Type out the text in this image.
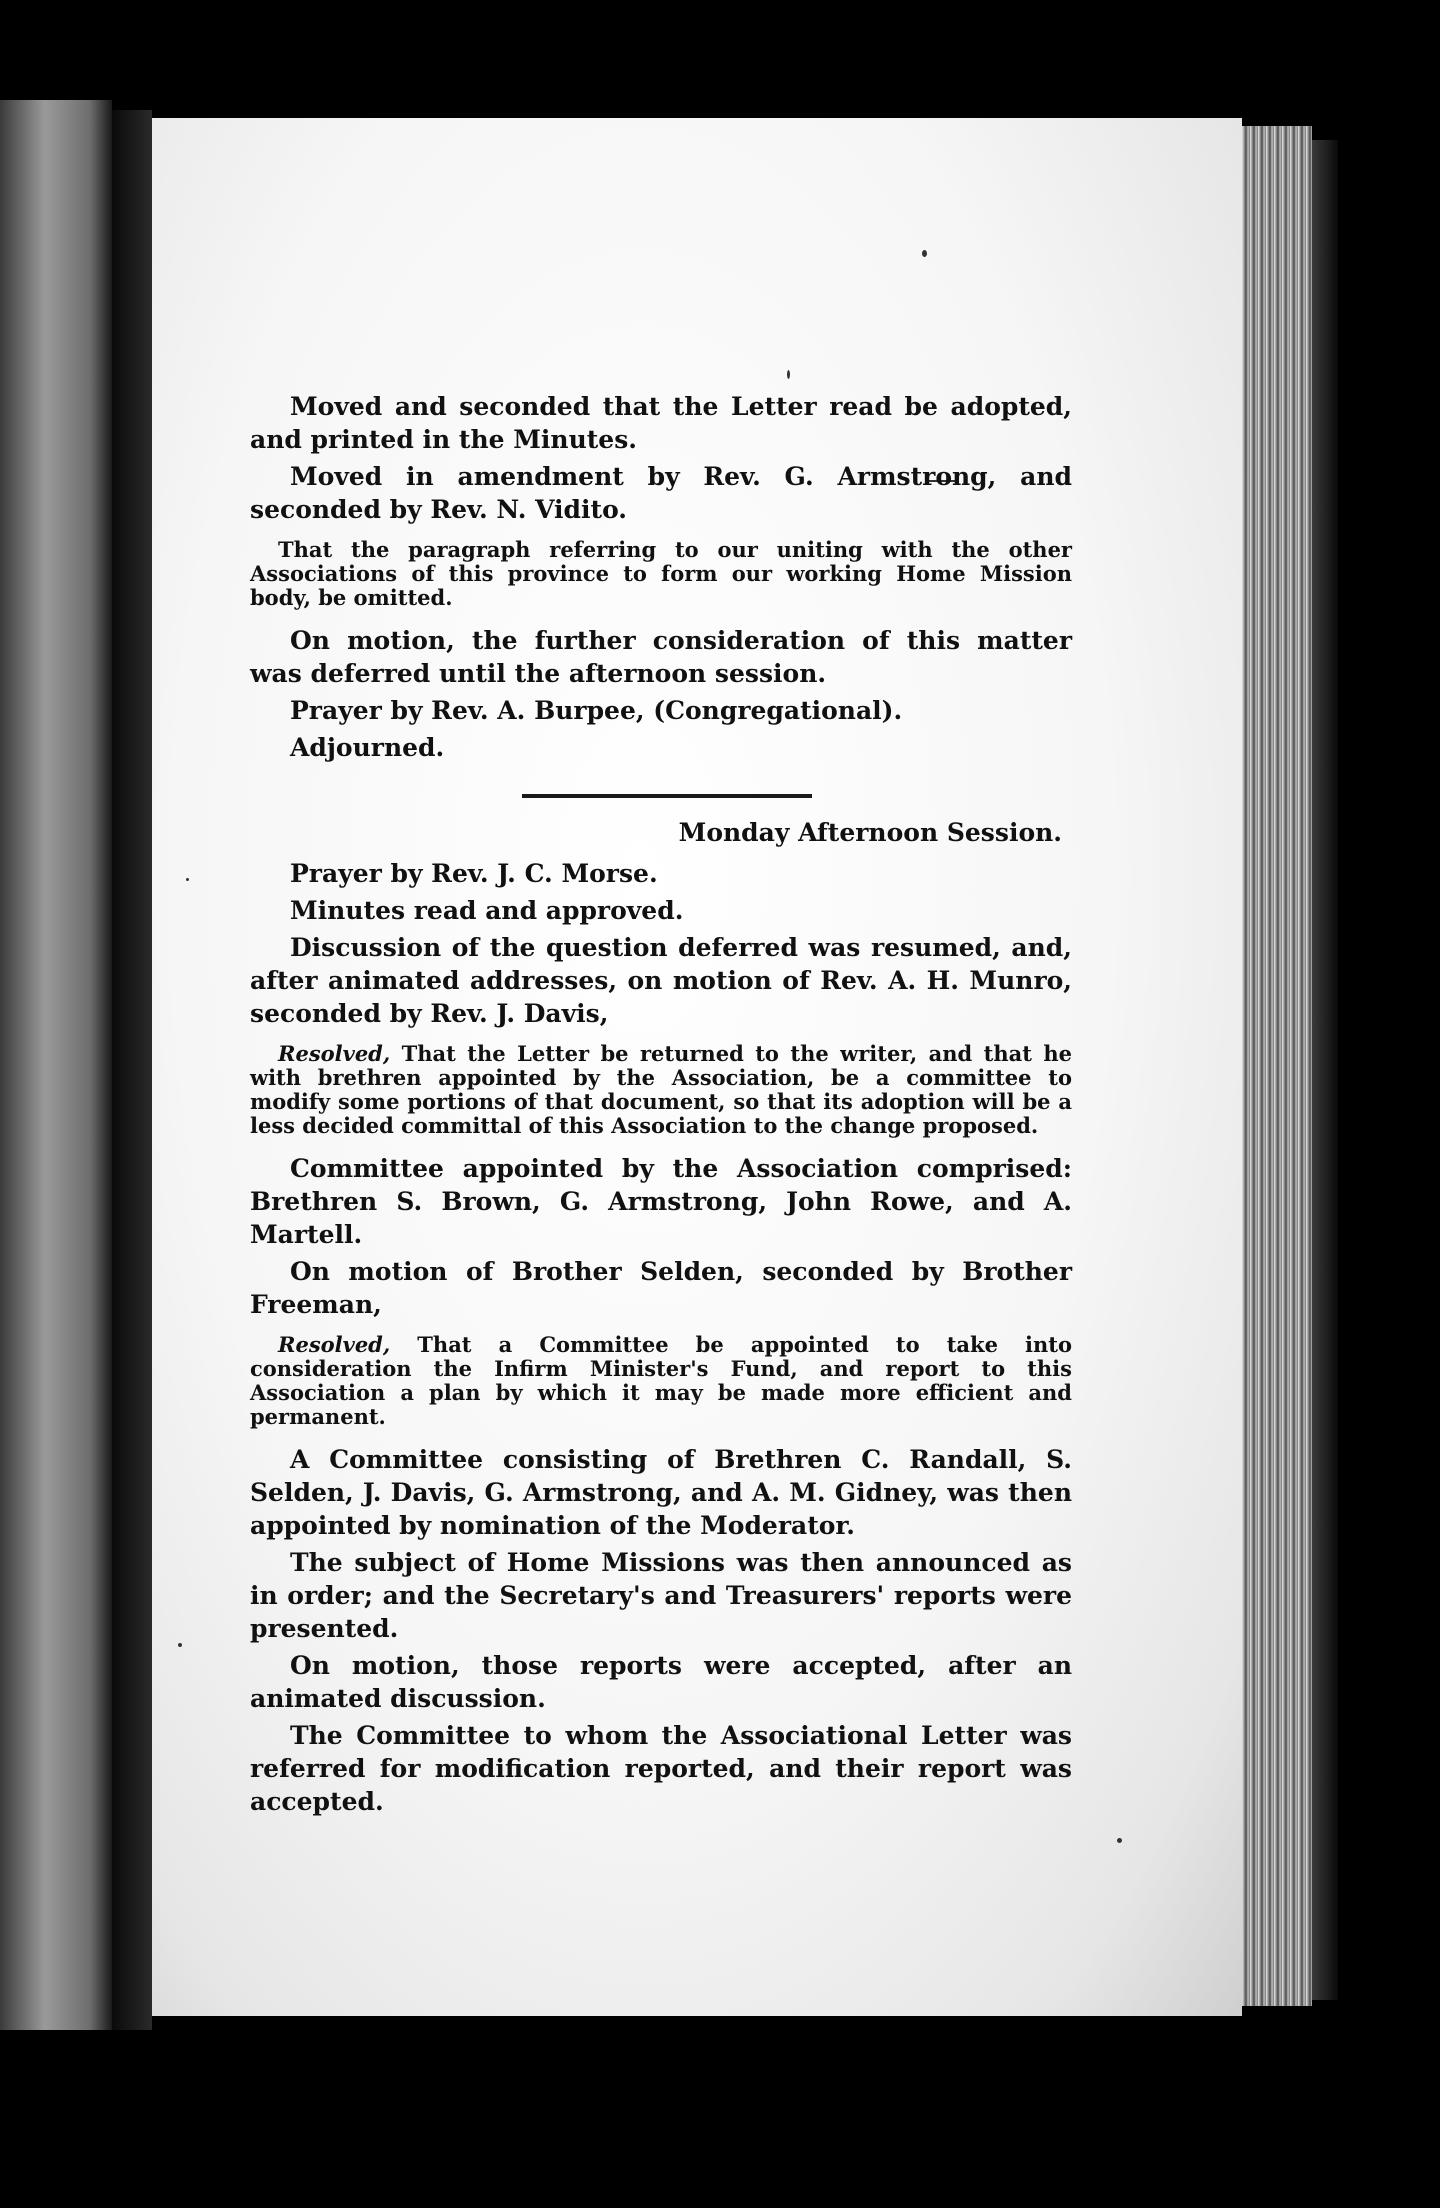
Moved and seconded that the Letter read be adopted, and printed in the Minutes.

Moved in amendment by Rev. G. Armstrong, and seconded by Rev. N. Vidito.

That the paragraph referring to our uniting with the other Associations of this province to form our working Home Mission body, be omitted.

On motion, the further consideration of this matter was deferred until the afternoon session.

Prayer by Rev. A. Burpee, (Congregational).

Adjourned.

Monday Afternoon Session.

Prayer by Rev. J. C. Morse.

Minutes read and approved.

Discussion of the question deferred was resumed, and, after animated addresses, on motion of Rev. A. H. Munro, seconded by Rev. J. Davis,

Resolved, That the Letter be returned to the writer, and that he with brethren appointed by the Association, be a committee to modify some portions of that document, so that its adoption will be a less decided committal of this Association to the change proposed.

Committee appointed by the Association comprised: Brethren S. Brown, G. Armstrong, John Rowe, and A. Martell.

On motion of Brother Selden, seconded by Brother Freeman,

Resolved, That a Committee be appointed to take into consideration the Infirm Minister's Fund, and report to this Association a plan by which it may be made more efficient and permanent.

A Committee consisting of Brethren C. Randall, S. Selden, J. Davis, G. Armstrong, and A. M. Gidney, was then appointed by nomination of the Moderator.

The subject of Home Missions was then announced as in order; and the Secretary's and Treasurers' reports were presented.

On motion, those reports were accepted, after an animated discussion.

The Committee to whom the Associational Letter was referred for modification reported, and their report was accepted.
